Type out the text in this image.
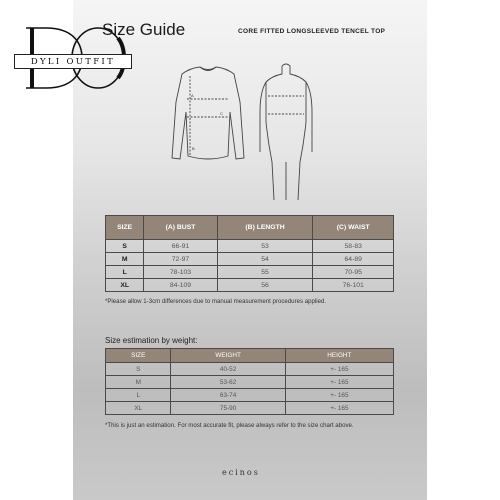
DYLI OUTFIT
Size Guide	CORE FITTED LONGSLEEVED TENCEL TOP
A
B
C
SIZE	(A) BUST	(B) LENGTH	(C) WAIST
S	66-91	53	58-83
M	72-97	54	64-89
L	78-103	55	70-95
XL	84-109	56	76-101
*Please allow 1-3cm differences due to manual measurement procedures applied.
Size estimation by weight:
SIZE	WEIGHT	HEIGHT
S	40-52	+- 165
M	53-62	+- 165
L	63-74	+- 165
XL	75-90	+- 165
*This is just an estimation. For most accurate fit, please always refer to the size chart above.
ecinos
